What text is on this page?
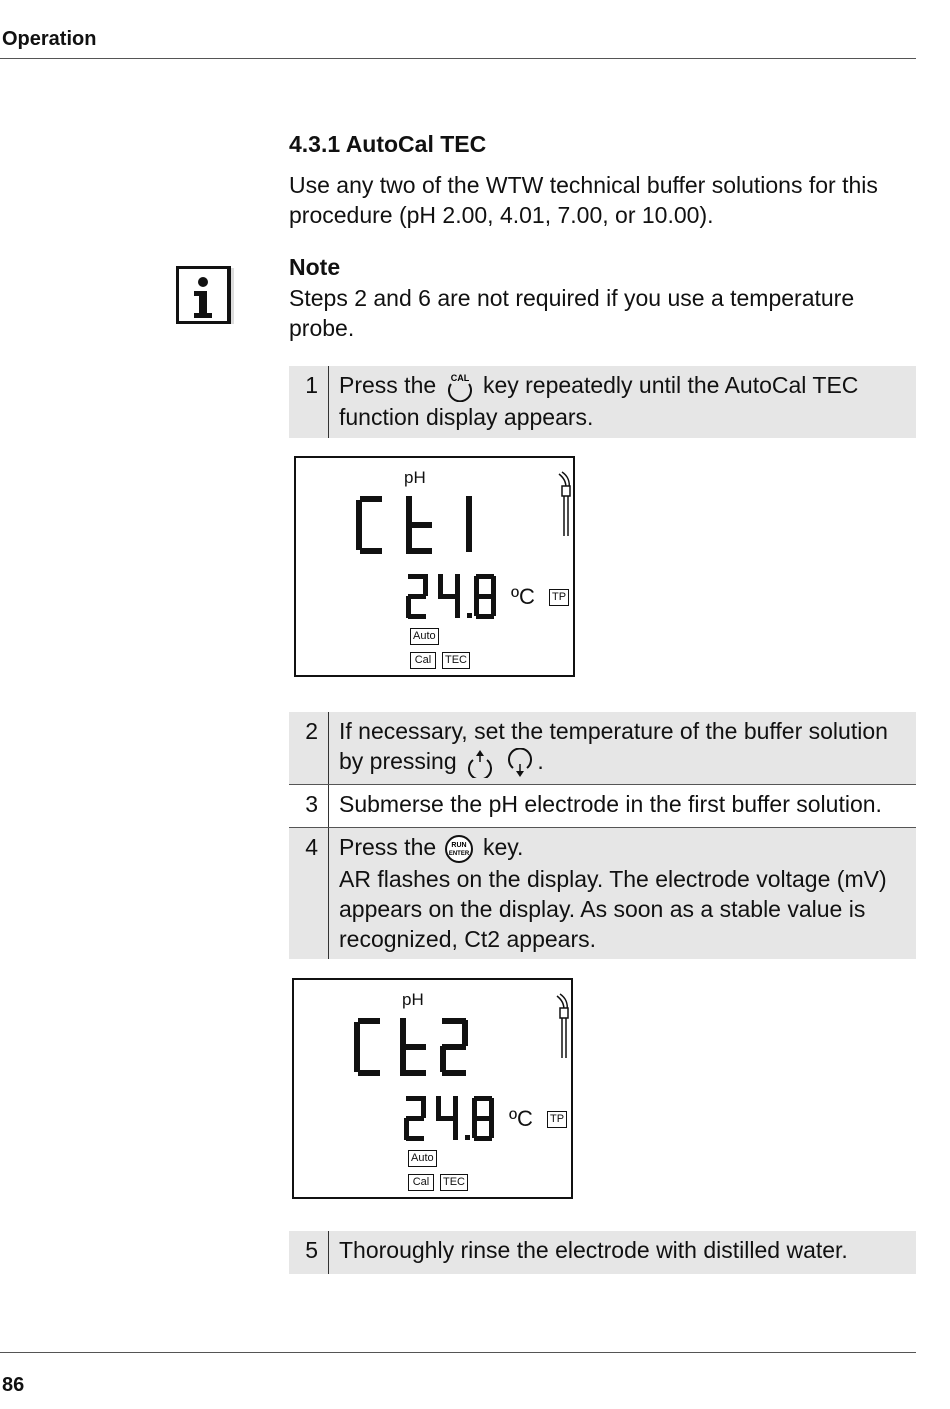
Operation
4.3.1 AutoCal TEC
Use any two of the WTW technical buffer solutions for this procedure (pH 2.00, 4.01, 7.00, or 10.00).
Note
Steps 2 and 6 are not required if you use a temperature probe.
1 Press the CAL key repeatedly until the AutoCal TEC function display appears.
pH
ºC TP
Auto
Cal	TEC
2 If necessary, set the temperature of the buffer solution by pressing	.
3 Submerse the pH electrode in the first buffer solution.
4 Press the RUN
ENTER key.
AR flashes on the display. The electrode voltage (mV) appears on the display. As soon as a stable value is recognized, Ct2 appears.
pH
ºC TP
Auto
Cal	TEC
5 Thoroughly rinse the electrode with distilled water.
86
